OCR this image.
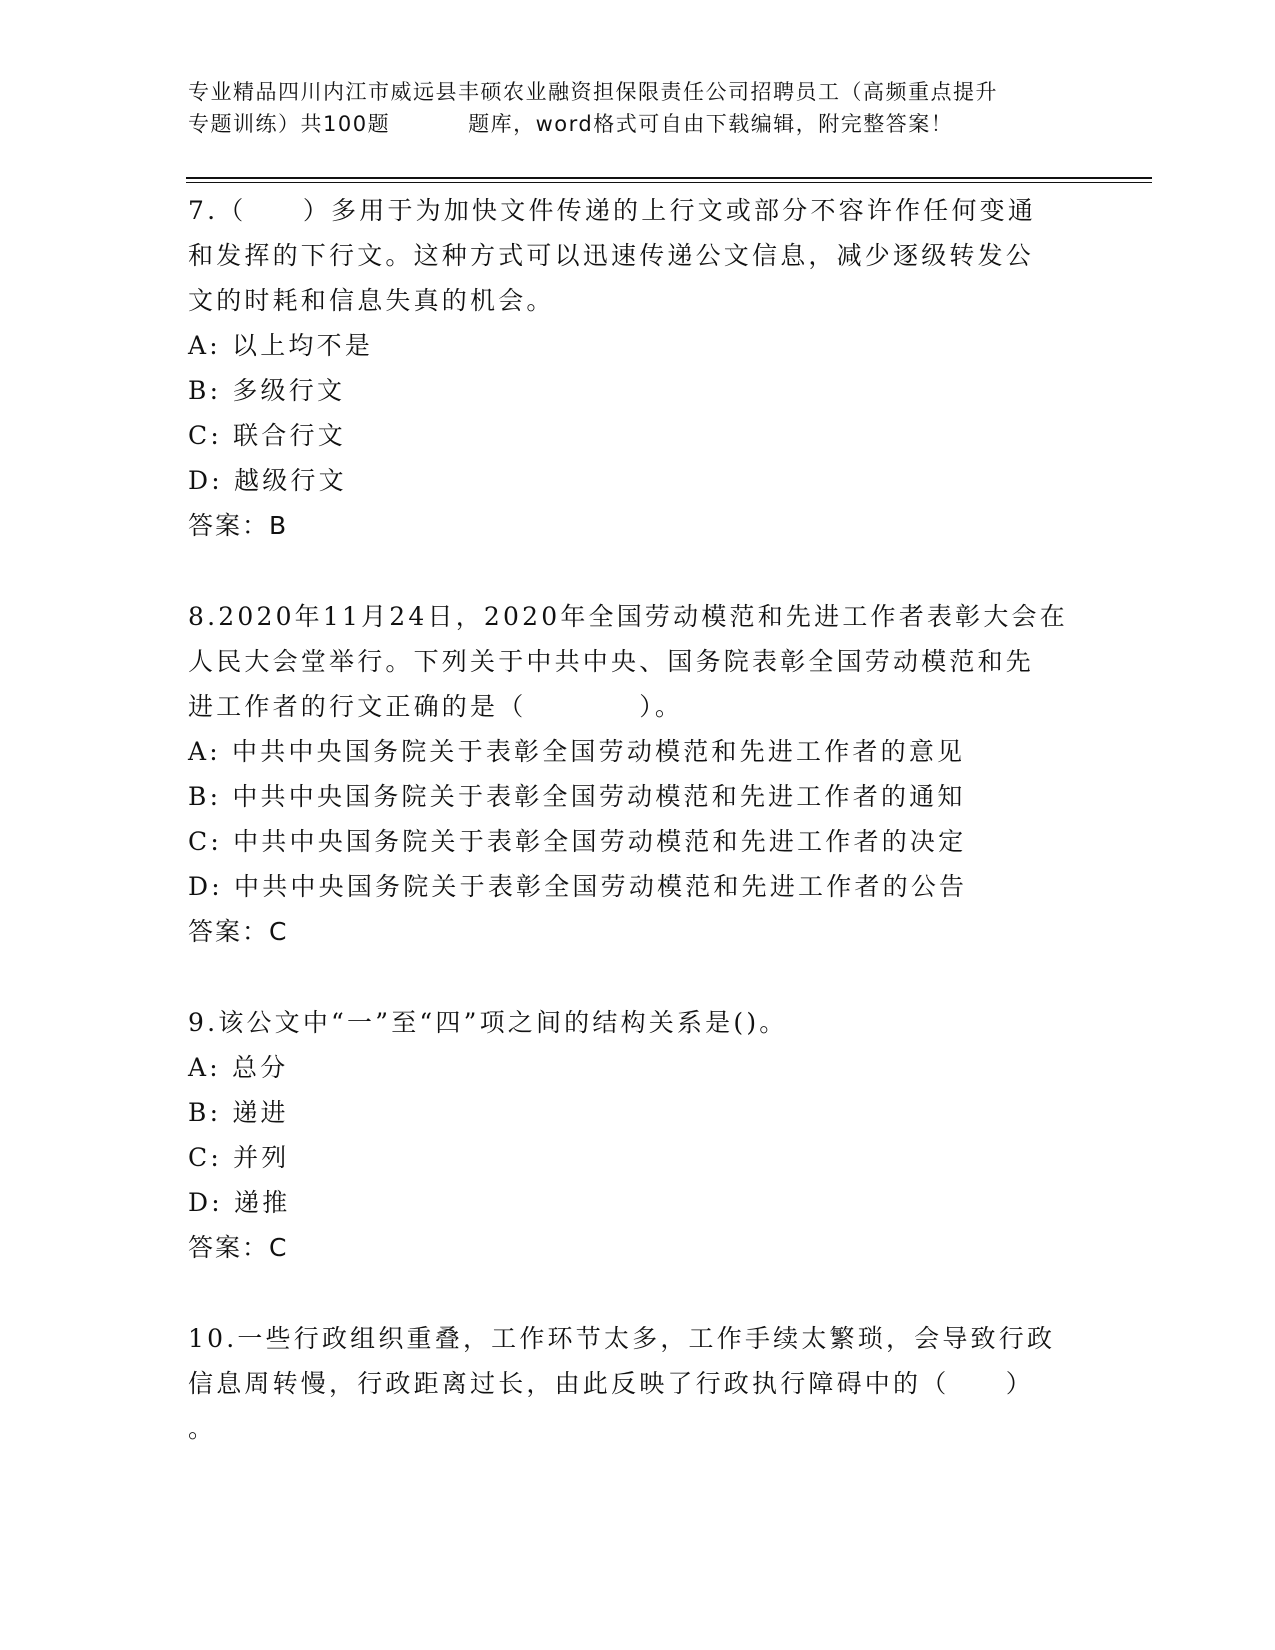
专业精品四川内江市威远县丰硕农业融资担保限责任公司招聘员工（高频重点提升
专题训练）共100题	题库，word格式可自由下载编辑，附完整答案！
7.（　　）多用于为加快文件传递的上行文或部分不容许作任何变通
和发挥的下行文。这种方式可以迅速传递公文信息，减少逐级转发公
文的时耗和信息失真的机会。
A: 以上均不是
B: 多级行文
C: 联合行文
D: 越级行文
答案：B
8.2020年11月24日，2020年全国劳动模范和先进工作者表彰大会在
人民大会堂举行。下列关于中共中央、国务院表彰全国劳动模范和先
进工作者的行文正确的是（　　　　）。
A: 中共中央国务院关于表彰全国劳动模范和先进工作者的意见
B: 中共中央国务院关于表彰全国劳动模范和先进工作者的通知
C: 中共中央国务院关于表彰全国劳动模范和先进工作者的决定
D: 中共中央国务院关于表彰全国劳动模范和先进工作者的公告
答案：C
9.该公文中“一”至“四”项之间的结构关系是()。
A: 总分
B: 递进
C: 并列
D: 递推
答案：C
10.一些行政组织重叠，工作环节太多，工作手续太繁琐，会导致行政
信息周转慢，行政距离过长，由此反映了行政执行障碍中的（　　）
。
